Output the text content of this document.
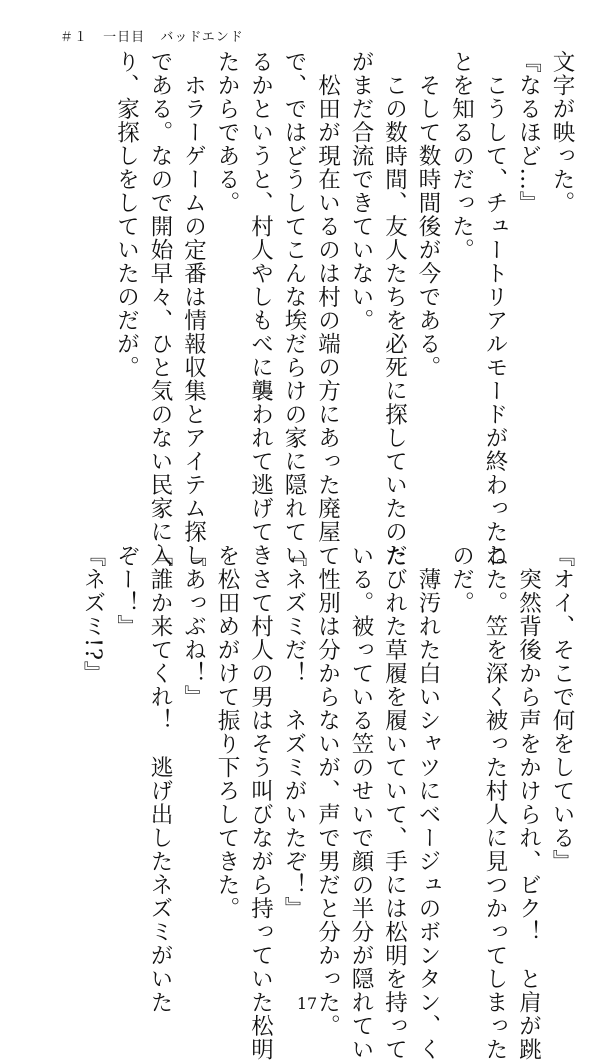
＃１ 一日目 バッドエンド
文字が映った。
『なるほど…』
　こうして、チュートリアルモードが終わったこ
とを知るのだった。
　そして数時間後が今である。
　この数時間、友人たちを必死に探していたのだ
がまだ合流できていない。
　松田が現在いるのは村の端の方にあった廃屋
で、ではどうしてこんな埃だらけの家に隠れてい
るかというと、村人やしもべに襲われて逃げてき
たからである。
　ホラーゲームの定番は情報収集とアイテム探し
である。なので開始早々、ひと気のない民家に入
り、家探しをしていたのだが。
『オイ、そこで何をしている』
　突然背後から声をかけられ、ビク！　と肩が跳
ねた。笠を深く被った村人に見つかってしまった
のだ。
　薄汚れた白いシャツにベージュのボンタン、く
たびれた草履を履いていて、手には松明を持って
いる。被っている笠のせいで顔の半分が隠れてい
て性別は分からないが、声で男だと分かった。
『ネズミだ！　ネズミがいたぞ！』
　さて村人の男はそう叫びながら持っていた松明
を松田めがけて振り下ろしてきた。
『あっぶね！』
『誰か来てくれ！　逃げ出したネズミがいた
ぞー！』
『ネズミ!?』
17
